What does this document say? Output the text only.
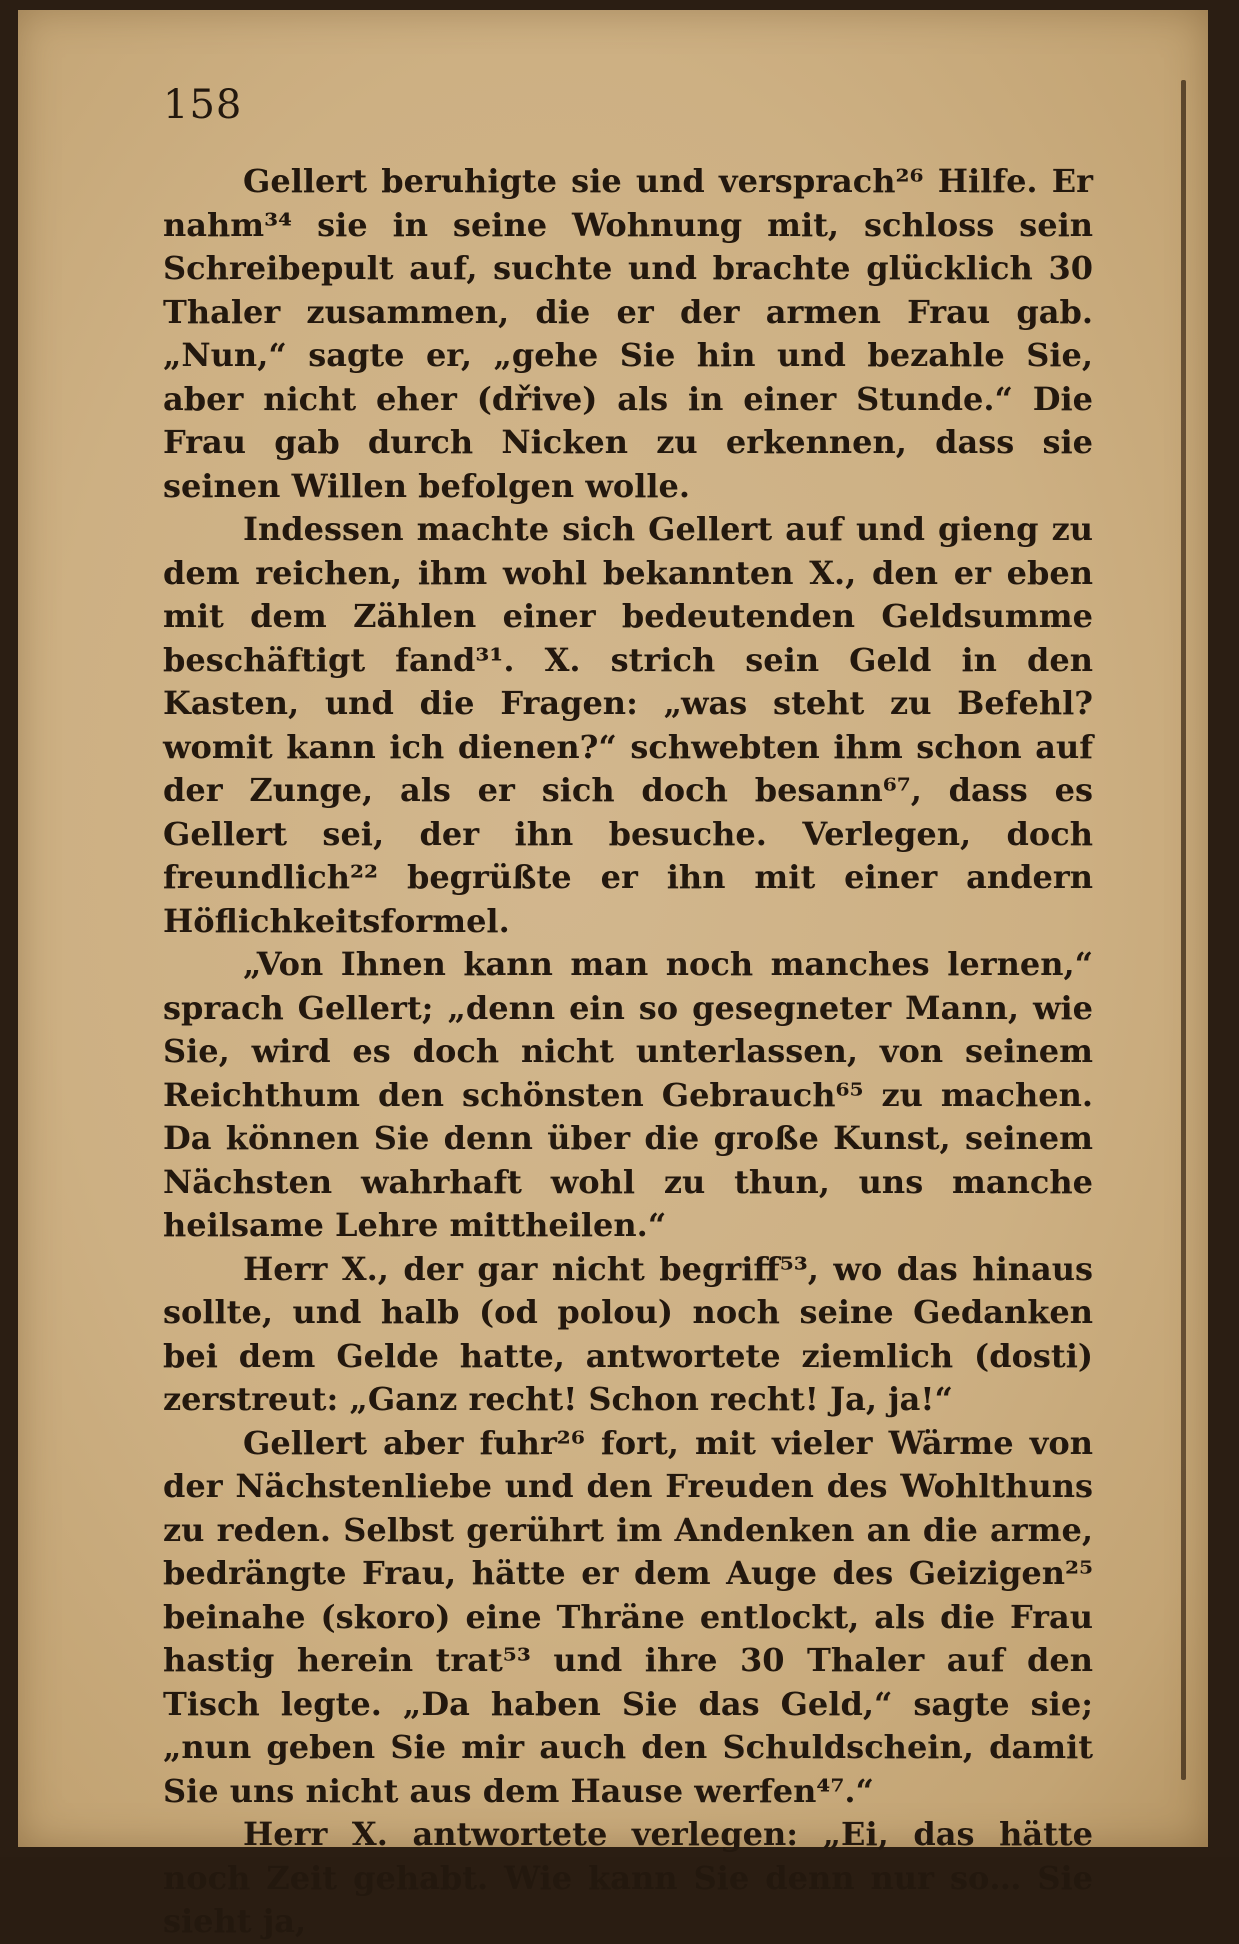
158

Gellert beruhigte sie und versprach²⁶ Hilfe. Er nahm³⁴ sie in seine Wohnung mit, schloss sein Schreibepult auf, suchte und brachte glücklich 30 Thaler zusammen, die er der armen Frau gab. „Nun,“ sagte er, „gehe Sie hin und bezahle Sie, aber nicht eher (dřive) als in einer Stunde.“ Die Frau gab durch Nicken zu erkennen, dass sie seinen Willen befolgen wolle.

Indessen machte sich Gellert auf und gieng zu dem reichen, ihm wohl bekannten X., den er eben mit dem Zählen einer bedeutenden Geldsumme beschäftigt fand³¹. X. strich sein Geld in den Kasten, und die Fragen: „was steht zu Befehl? womit kann ich dienen?“ schwebten ihm schon auf der Zunge, als er sich doch besann⁶⁷, dass es Gellert sei, der ihn besuche. Verlegen, doch freundlich²² begrüßte er ihn mit einer andern Höflichkeitsformel.

„Von Ihnen kann man noch manches lernen,“ sprach Gellert; „denn ein so gesegneter Mann, wie Sie, wird es doch nicht unterlassen, von seinem Reichthum den schönsten Gebrauch⁶⁵ zu machen. Da können Sie denn über die große Kunst, seinem Nächsten wahrhaft wohl zu thun, uns manche heilsame Lehre mittheilen.“

Herr X., der gar nicht begriff⁵³, wo das hinaus sollte, und halb (od polou) noch seine Gedanken bei dem Gelde hatte, antwortete ziemlich (dosti) zerstreut: „Ganz recht! Schon recht! Ja, ja!“

Gellert aber fuhr²⁶ fort, mit vieler Wärme von der Nächstenliebe und den Freuden des Wohlthuns zu reden. Selbst gerührt im Andenken an die arme, bedrängte Frau, hätte er dem Auge des Geizigen²⁵ beinahe (skoro) eine Thräne entlockt, als die Frau hastig herein trat⁵³ und ihre 30 Thaler auf den Tisch legte. „Da haben Sie das Geld,“ sagte sie; „nun geben Sie mir auch den Schuldschein, damit Sie uns nicht aus dem Hause werfen⁴⁷.“

Herr X. antwortete verlegen: „Ei, das hätte noch Zeit gehabt. Wie kann Sie denn nur so… Sie sieht ja,
